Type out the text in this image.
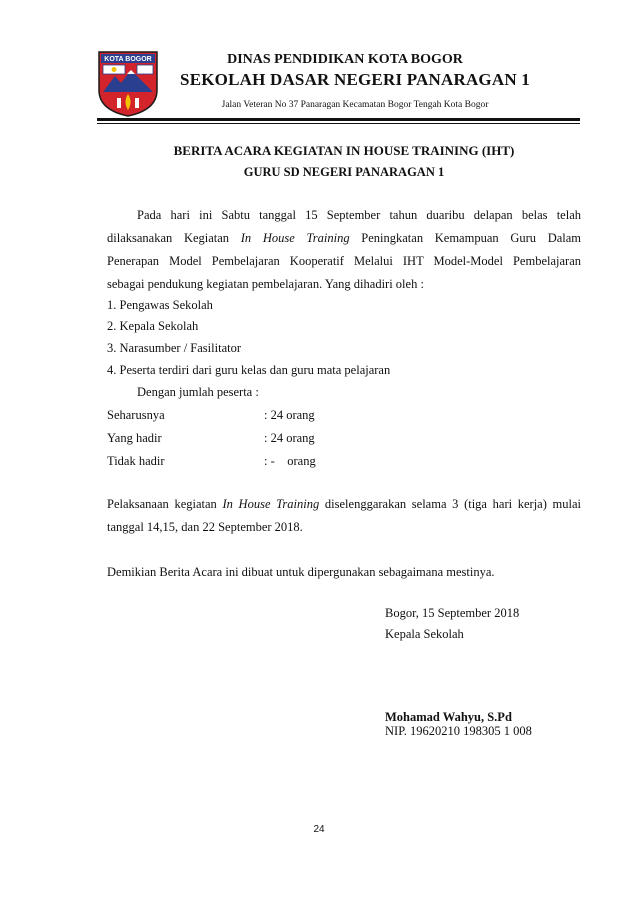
KOTA BOGOR	DINAS PENDIDIKAN KOTA BOGOR
SEKOLAH DASAR NEGERI PANARAGAN 1
Jalan Veteran No 37 Panaragan Kecamatan Bogor Tengah Kota Bogor
BERITA ACARA KEGIATAN IN HOUSE TRAINING (IHT)
GURU SD NEGERI PANARAGAN 1
Pada hari ini Sabtu tanggal 15 September tahun duaribu delapan belas telah
dilaksanakan Kegiatan In House Training Peningkatan Kemampuan Guru Dalam
Penerapan Model Pembelajaran Kooperatif Melalui IHT Model-Model Pembelajaran
sebagai pendukung kegiatan pembelajaran. Yang dihadiri oleh :
1. Pengawas Sekolah
2. Kepala Sekolah
3. Narasumber / Fasilitator
4. Peserta terdiri dari guru kelas dan guru mata pelajaran
Dengan jumlah peserta :
Seharusnya	: 24 orang
Yang hadir	: 24 orang
Tidak hadir	: -    orang
Pelaksanaan kegiatan In House Training diselenggarakan selama 3 (tiga hari kerja) mulai
tanggal 14,15, dan 22 September 2018.
Demikian Berita Acara ini dibuat untuk dipergunakan sebagaimana mestinya.
Bogor, 15 September 2018
Kepala Sekolah
Mohamad Wahyu, S.Pd
NIP. 19620210 198305 1 008
24
